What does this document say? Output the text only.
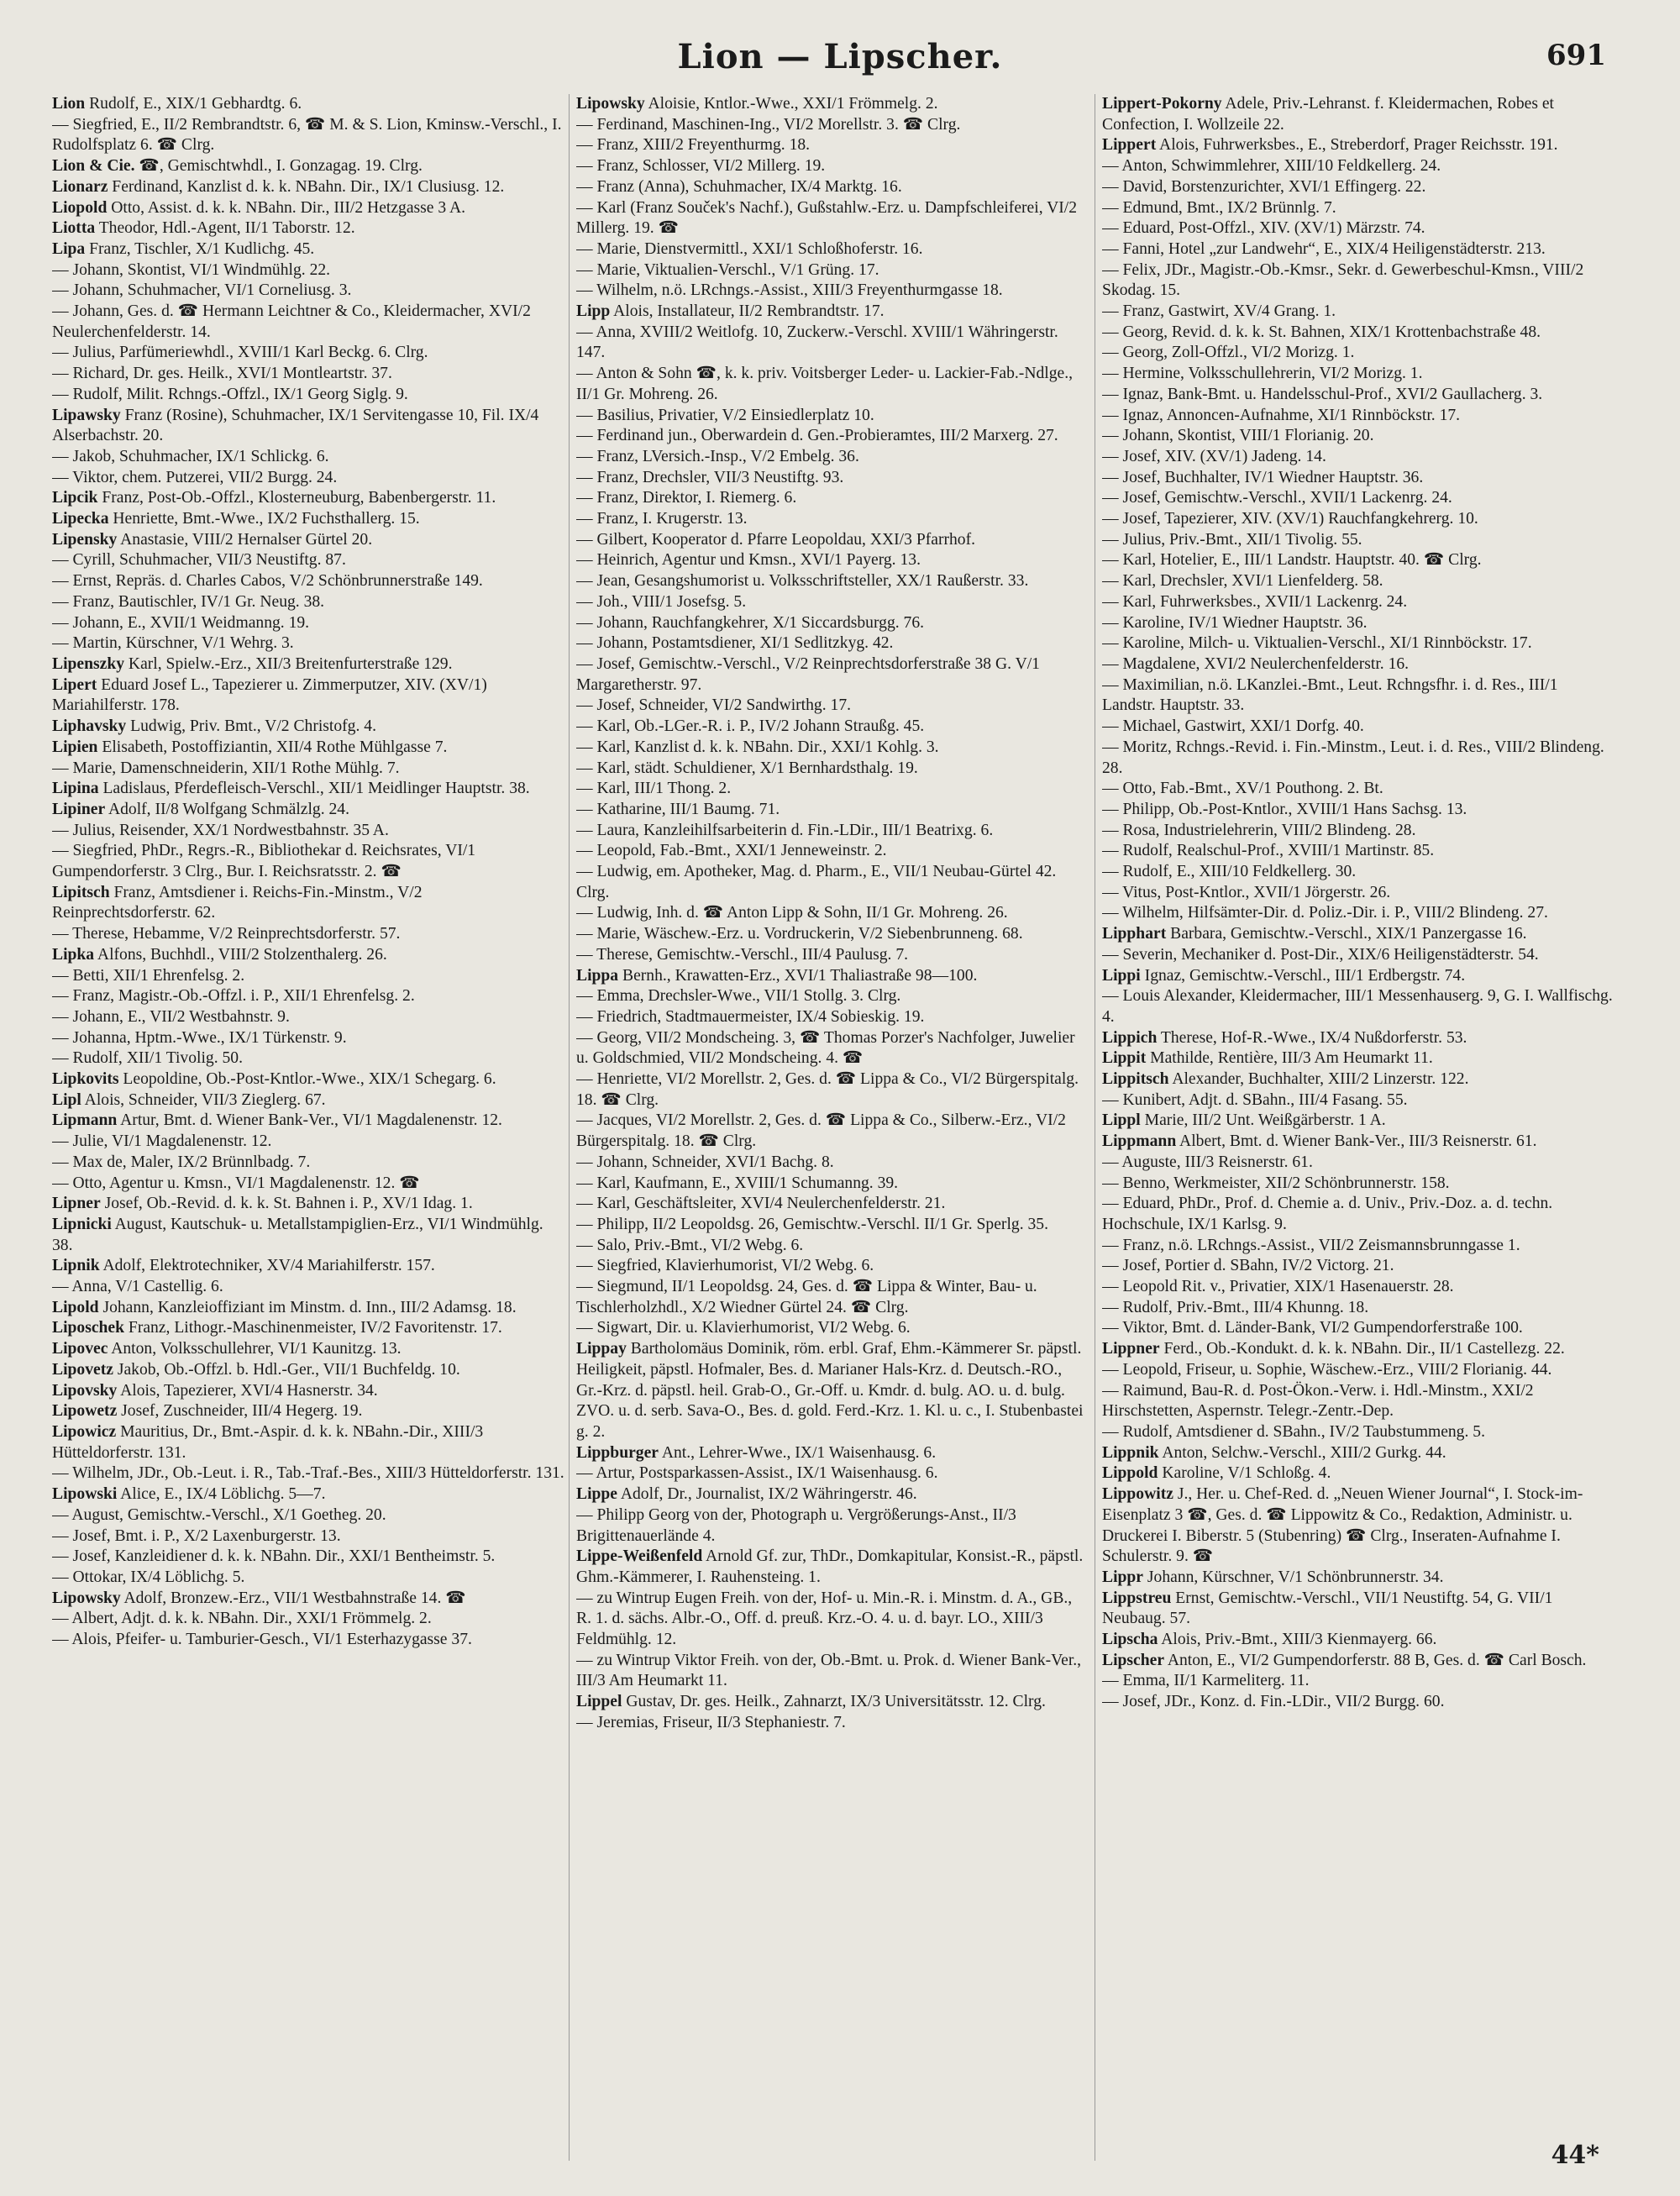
Lion — Lipscher.	691

Lion Rudolf, E., XIX/1 Gebhardtg. 6.

— Siegfried, E., II/2 Rembrandtstr. 6, ☎ M. & S. Lion, Kminsw.-Verschl., I. Rudolfsplatz 6. ☎ Clrg.

Lion & Cie. ☎, Gemischtwhdl., I. Gonzagag. 19. Clrg.

Lionarz Ferdinand, Kanzlist d. k. k. NBahn. Dir., IX/1 Clusiusg. 12.

Liopold Otto, Assist. d. k. k. NBahn. Dir., III/2 Hetzgasse 3 A.

Liotta Theodor, Hdl.-Agent, II/1 Taborstr. 12.

Lipa Franz, Tischler, X/1 Kudlichg. 45.

— Johann, Skontist, VI/1 Windmühlg. 22.

— Johann, Schuhmacher, VI/1 Corneliusg. 3.

— Johann, Ges. d. ☎ Hermann Leichtner & Co., Kleidermacher, XVI/2 Neulerchenfelderstr. 14.

— Julius, Parfümeriewhdl., XVIII/1 Karl Beckg. 6. Clrg.

— Richard, Dr. ges. Heilk., XVI/1 Montleartstr. 37.

— Rudolf, Milit. Rchngs.-Offzl., IX/1 Georg Siglg. 9.

Lipawsky Franz (Rosine), Schuhmacher, IX/1 Servitengasse 10, Fil. IX/4 Alserbachstr. 20.

— Jakob, Schuhmacher, IX/1 Schlickg. 6.

— Viktor, chem. Putzerei, VII/2 Burgg. 24.

Lipcik Franz, Post-Ob.-Offzl., Klosterneuburg, Babenbergerstr. 11.

Lipecka Henriette, Bmt.-Wwe., IX/2 Fuchsthallerg. 15.

Lipensky Anastasie, VIII/2 Hernalser Gürtel 20.

— Cyrill, Schuhmacher, VII/3 Neustiftg. 87.

— Ernst, Repräs. d. Charles Cabos, V/2 Schönbrunnerstraße 149.

— Franz, Bautischler, IV/1 Gr. Neug. 38.

— Johann, E., XVII/1 Weidmanng. 19.

— Martin, Kürschner, V/1 Wehrg. 3.

Lipenszky Karl, Spielw.-Erz., XII/3 Breitenfurterstraße 129.

Lipert Eduard Josef L., Tapezierer u. Zimmerputzer, XIV. (XV/1) Mariahilferstr. 178.

Liphavsky Ludwig, Priv. Bmt., V/2 Christofg. 4.

Lipien Elisabeth, Postoffiziantin, XII/4 Rothe Mühlgasse 7.

— Marie, Damenschneiderin, XII/1 Rothe Mühlg. 7.

Lipina Ladislaus, Pferdefleisch-Verschl., XII/1 Meidlinger Hauptstr. 38.

Lipiner Adolf, II/8 Wolfgang Schmälzlg. 24.

— Julius, Reisender, XX/1 Nordwestbahnstr. 35 A.

— Siegfried, PhDr., Regrs.-R., Bibliothekar d. Reichsrates, VI/1 Gumpendorferstr. 3 Clrg., Bur. I. Reichsratsstr. 2. ☎

Lipitsch Franz, Amtsdiener i. Reichs-Fin.-Minstm., V/2 Reinprechtsdorferstr. 62.

— Therese, Hebamme, V/2 Reinprechtsdorferstr. 57.

Lipka Alfons, Buchhdl., VIII/2 Stolzenthalerg. 26.

— Betti, XII/1 Ehrenfelsg. 2.

— Franz, Magistr.-Ob.-Offzl. i. P., XII/1 Ehrenfelsg. 2.

— Johann, E., VII/2 Westbahnstr. 9.

— Johanna, Hptm.-Wwe., IX/1 Türkenstr. 9.

— Rudolf, XII/1 Tivolig. 50.

Lipkovits Leopoldine, Ob.-Post-Kntlor.-Wwe., XIX/1 Schegarg. 6.

Lipl Alois, Schneider, VII/3 Zieglerg. 67.

Lipmann Artur, Bmt. d. Wiener Bank-Ver., VI/1 Magdalenenstr. 12.

— Julie, VI/1 Magdalenenstr. 12.

— Max de, Maler, IX/2 Brünnlbadg. 7.

— Otto, Agentur u. Kmsn., VI/1 Magdalenenstr. 12. ☎

Lipner Josef, Ob.-Revid. d. k. k. St. Bahnen i. P., XV/1 Idag. 1.

Lipnicki August, Kautschuk- u. Metallstampiglien-Erz., VI/1 Windmühlg. 38.

Lipnik Adolf, Elektrotechniker, XV/4 Mariahilferstr. 157.

— Anna, V/1 Castellig. 6.

Lipold Johann, Kanzleioffiziant im Minstm. d. Inn., III/2 Adamsg. 18.

Liposchek Franz, Lithogr.-Maschinenmeister, IV/2 Favoritenstr. 17.

Lipovec Anton, Volksschullehrer, VI/1 Kaunitzg. 13.

Lipovetz Jakob, Ob.-Offzl. b. Hdl.-Ger., VII/1 Buchfeldg. 10.

Lipovsky Alois, Tapezierer, XVI/4 Hasnerstr. 34.

Lipowetz Josef, Zuschneider, III/4 Hegerg. 19.

Lipowicz Mauritius, Dr., Bmt.-Aspir. d. k. k. NBahn.-Dir., XIII/3 Hütteldorferstr. 131.

— Wilhelm, JDr., Ob.-Leut. i. R., Tab.-Traf.-Bes., XIII/3 Hütteldorferstr. 131.

Lipowski Alice, E., IX/4 Löblichg. 5—7.

— August, Gemischtw.-Verschl., X/1 Goetheg. 20.

— Josef, Bmt. i. P., X/2 Laxenburgerstr. 13.

— Josef, Kanzleidiener d. k. k. NBahn. Dir., XXI/1 Bentheimstr. 5.

— Ottokar, IX/4 Löblichg. 5.

Lipowsky Adolf, Bronzew.-Erz., VII/1 Westbahnstraße 14. ☎

— Albert, Adjt. d. k. k. NBahn. Dir., XXI/1 Frömmelg. 2.

— Alois, Pfeifer- u. Tamburier-Gesch., VI/1 Esterhazygasse 37.

Lipowsky Aloisie, Kntlor.-Wwe., XXI/1 Frömmelg. 2.

— Ferdinand, Maschinen-Ing., VI/2 Morellstr. 3. ☎ Clrg.

— Franz, XIII/2 Freyenthurmg. 18.

— Franz, Schlosser, VI/2 Millerg. 19.

— Franz (Anna), Schuhmacher, IX/4 Marktg. 16.

— Karl (Franz Souček's Nachf.), Gußstahlw.-Erz. u. Dampfschleiferei, VI/2 Millerg. 19. ☎

— Marie, Dienstvermittl., XXI/1 Schloßhoferstr. 16.

— Marie, Viktualien-Verschl., V/1 Grüng. 17.

— Wilhelm, n.ö. LRchngs.-Assist., XIII/3 Freyenthurmgasse 18.

Lipp Alois, Installateur, II/2 Rembrandtstr. 17.

— Anna, XVIII/2 Weitlofg. 10, Zuckerw.-Verschl. XVIII/1 Währingerstr. 147.

— Anton & Sohn ☎, k. k. priv. Voitsberger Leder- u. Lackier-Fab.-Ndlge., II/1 Gr. Mohreng. 26.

— Basilius, Privatier, V/2 Einsiedlerplatz 10.

— Ferdinand jun., Oberwardein d. Gen.-Probieramtes, III/2 Marxerg. 27.

— Franz, LVersich.-Insp., V/2 Embelg. 36.

— Franz, Drechsler, VII/3 Neustiftg. 93.

— Franz, Direktor, I. Riemerg. 6.

— Franz, I. Krugerstr. 13.

— Gilbert, Kooperator d. Pfarre Leopoldau, XXI/3 Pfarrhof.

— Heinrich, Agentur und Kmsn., XVI/1 Payerg. 13.

— Jean, Gesangshumorist u. Volksschriftsteller, XX/1 Raußerstr. 33.

— Joh., VIII/1 Josefsg. 5.

— Johann, Rauchfangkehrer, X/1 Siccardsburgg. 76.

— Johann, Postamtsdiener, XI/1 Sedlitzkyg. 42.

— Josef, Gemischtw.-Verschl., V/2 Reinprechtsdorferstraße 38 G. V/1 Margaretherstr. 97.

— Josef, Schneider, VI/2 Sandwirthg. 17.

— Karl, Ob.-LGer.-R. i. P., IV/2 Johann Straußg. 45.

— Karl, Kanzlist d. k. k. NBahn. Dir., XXI/1 Kohlg. 3.

— Karl, städt. Schuldiener, X/1 Bernhardsthalg. 19.

— Karl, III/1 Thong. 2.

— Katharine, III/1 Baumg. 71.

— Laura, Kanzleihilfsarbeiterin d. Fin.-LDir., III/1 Beatrixg. 6.

— Leopold, Fab.-Bmt., XXI/1 Jenneweinstr. 2.

— Ludwig, em. Apotheker, Mag. d. Pharm., E., VII/1 Neubau-Gürtel 42. Clrg.

— Ludwig, Inh. d. ☎ Anton Lipp & Sohn, II/1 Gr. Mohreng. 26.

— Marie, Wäschew.-Erz. u. Vordruckerin, V/2 Siebenbrunneng. 68.

— Therese, Gemischtw.-Verschl., III/4 Paulusg. 7.

Lippa Bernh., Krawatten-Erz., XVI/1 Thaliastraße 98—100.

— Emma, Drechsler-Wwe., VII/1 Stollg. 3. Clrg.

— Friedrich, Stadtmauermeister, IX/4 Sobieskig. 19.

— Georg, VII/2 Mondscheing. 3, ☎ Thomas Porzer's Nachfolger, Juwelier u. Goldschmied, VII/2 Mondscheing. 4. ☎

— Henriette, VI/2 Morellstr. 2, Ges. d. ☎ Lippa & Co., VI/2 Bürgerspitalg. 18. ☎ Clrg.

— Jacques, VI/2 Morellstr. 2, Ges. d. ☎ Lippa & Co., Silberw.-Erz., VI/2 Bürgerspitalg. 18. ☎ Clrg.

— Johann, Schneider, XVI/1 Bachg. 8.

— Karl, Kaufmann, E., XVIII/1 Schumanng. 39.

— Karl, Geschäftsleiter, XVI/4 Neulerchenfelderstr. 21.

— Philipp, II/2 Leopoldsg. 26, Gemischtw.-Verschl. II/1 Gr. Sperlg. 35.

— Salo, Priv.-Bmt., VI/2 Webg. 6.

— Siegfried, Klavierhumorist, VI/2 Webg. 6.

— Siegmund, II/1 Leopoldsg. 24, Ges. d. ☎ Lippa & Winter, Bau- u. Tischlerholzhdl., X/2 Wiedner Gürtel 24. ☎ Clrg.

— Sigwart, Dir. u. Klavierhumorist, VI/2 Webg. 6.

Lippay Bartholomäus Dominik, röm. erbl. Graf, Ehm.-Kämmerer Sr. päpstl. Heiligkeit, päpstl. Hofmaler, Bes. d. Marianer Hals-Krz. d. Deutsch.-RO., Gr.-Krz. d. päpstl. heil. Grab-O., Gr.-Off. u. Kmdr. d. bulg. AO. u. d. bulg. ZVO. u. d. serb. Sava-O., Bes. d. gold. Ferd.-Krz. 1. Kl. u. c., I. Stubenbastei g. 2.

Lippburger Ant., Lehrer-Wwe., IX/1 Waisenhausg. 6.

— Artur, Postsparkassen-Assist., IX/1 Waisenhausg. 6.

Lippe Adolf, Dr., Journalist, IX/2 Währingerstr. 46.

— Philipp Georg von der, Photograph u. Vergrößerungs-Anst., II/3 Brigittenauerlände 4.

Lippe-Weißenfeld Arnold Gf. zur, ThDr., Domkapitular, Konsist.-R., päpstl. Ghm.-Kämmerer, I. Rauhensteing. 1.

— zu Wintrup Eugen Freih. von der, Hof- u. Min.-R. i. Minstm. d. A., GB., R. 1. d. sächs. Albr.-O., Off. d. preuß. Krz.-O. 4. u. d. bayr. LO., XIII/3 Feldmühlg. 12.

— zu Wintrup Viktor Freih. von der, Ob.-Bmt. u. Prok. d. Wiener Bank-Ver., III/3 Am Heumarkt 11.

Lippel Gustav, Dr. ges. Heilk., Zahnarzt, IX/3 Universitätsstr. 12. Clrg.

— Jeremias, Friseur, II/3 Stephaniestr. 7.

Lippert-Pokorny Adele, Priv.-Lehranst. f. Kleidermachen, Robes et Confection, I. Wollzeile 22.

Lippert Alois, Fuhrwerksbes., E., Streberdorf, Prager Reichsstr. 191.

— Anton, Schwimmlehrer, XIII/10 Feldkellerg. 24.

— David, Borstenzurichter, XVI/1 Effingerg. 22.

— Edmund, Bmt., IX/2 Brünnlg. 7.

— Eduard, Post-Offzl., XIV. (XV/1) Märzstr. 74.

— Fanni, Hotel „zur Landwehr“, E., XIX/4 Heiligenstädterstr. 213.

— Felix, JDr., Magistr.-Ob.-Kmsr., Sekr. d. Gewerbeschul-Kmsn., VIII/2 Skodag. 15.

— Franz, Gastwirt, XV/4 Grang. 1.

— Georg, Revid. d. k. k. St. Bahnen, XIX/1 Krottenbachstraße 48.

— Georg, Zoll-Offzl., VI/2 Morizg. 1.

— Hermine, Volksschullehrerin, VI/2 Morizg. 1.

— Ignaz, Bank-Bmt. u. Handelsschul-Prof., XVI/2 Gaullacherg. 3.

— Ignaz, Annoncen-Aufnahme, XI/1 Rinnböckstr. 17.

— Johann, Skontist, VIII/1 Florianig. 20.

— Josef, XIV. (XV/1) Jadeng. 14.

— Josef, Buchhalter, IV/1 Wiedner Hauptstr. 36.

— Josef, Gemischtw.-Verschl., XVII/1 Lackenrg. 24.

— Josef, Tapezierer, XIV. (XV/1) Rauchfangkehrerg. 10.

— Julius, Priv.-Bmt., XII/1 Tivolig. 55.

— Karl, Hotelier, E., III/1 Landstr. Hauptstr. 40. ☎ Clrg.

— Karl, Drechsler, XVI/1 Lienfelderg. 58.

— Karl, Fuhrwerksbes., XVII/1 Lackenrg. 24.

— Karoline, IV/1 Wiedner Hauptstr. 36.

— Karoline, Milch- u. Viktualien-Verschl., XI/1 Rinnböckstr. 17.

— Magdalene, XVI/2 Neulerchenfelderstr. 16.

— Maximilian, n.ö. LKanzlei.-Bmt., Leut. Rchngsfhr. i. d. Res., III/1 Landstr. Hauptstr. 33.

— Michael, Gastwirt, XXI/1 Dorfg. 40.

— Moritz, Rchngs.-Revid. i. Fin.-Minstm., Leut. i. d. Res., VIII/2 Blindeng. 28.

— Otto, Fab.-Bmt., XV/1 Pouthong. 2. Bt.

— Philipp, Ob.-Post-Kntlor., XVIII/1 Hans Sachsg. 13.

— Rosa, Industrielehrerin, VIII/2 Blindeng. 28.

— Rudolf, Realschul-Prof., XVIII/1 Martinstr. 85.

— Rudolf, E., XIII/10 Feldkellerg. 30.

— Vitus, Post-Kntlor., XVII/1 Jörgerstr. 26.

— Wilhelm, Hilfsämter-Dir. d. Poliz.-Dir. i. P., VIII/2 Blindeng. 27.

Lipphart Barbara, Gemischtw.-Verschl., XIX/1 Panzergasse 16.

— Severin, Mechaniker d. Post-Dir., XIX/6 Heiligenstädterstr. 54.

Lippi Ignaz, Gemischtw.-Verschl., III/1 Erdbergstr. 74.

— Louis Alexander, Kleidermacher, III/1 Messenhauserg. 9, G. I. Wallfischg. 4.

Lippich Therese, Hof-R.-Wwe., IX/4 Nußdorferstr. 53.

Lippit Mathilde, Rentière, III/3 Am Heumarkt 11.

Lippitsch Alexander, Buchhalter, XIII/2 Linzerstr. 122.

— Kunibert, Adjt. d. SBahn., III/4 Fasang. 55.

Lippl Marie, III/2 Unt. Weißgärberstr. 1 A.

Lippmann Albert, Bmt. d. Wiener Bank-Ver., III/3 Reisnerstr. 61.

— Auguste, III/3 Reisnerstr. 61.

— Benno, Werkmeister, XII/2 Schönbrunnerstr. 158.

— Eduard, PhDr., Prof. d. Chemie a. d. Univ., Priv.-Doz. a. d. techn. Hochschule, IX/1 Karlsg. 9.

— Franz, n.ö. LRchngs.-Assist., VII/2 Zeismannsbrunngasse 1.

— Josef, Portier d. SBahn, IV/2 Victorg. 21.

— Leopold Rit. v., Privatier, XIX/1 Hasenauerstr. 28.

— Rudolf, Priv.-Bmt., III/4 Khunng. 18.

— Viktor, Bmt. d. Länder-Bank, VI/2 Gumpendorferstraße 100.

Lippner Ferd., Ob.-Kondukt. d. k. k. NBahn. Dir., II/1 Castellezg. 22.

— Leopold, Friseur, u. Sophie, Wäschew.-Erz., VIII/2 Florianig. 44.

— Raimund, Bau-R. d. Post-Ökon.-Verw. i. Hdl.-Minstm., XXI/2 Hirschstetten, Aspernstr. Telegr.-Zentr.-Dep.

— Rudolf, Amtsdiener d. SBahn., IV/2 Taubstummeng. 5.

Lippnik Anton, Selchw.-Verschl., XIII/2 Gurkg. 44.

Lippold Karoline, V/1 Schloßg. 4.

Lippowitz J., Her. u. Chef-Red. d. „Neuen Wiener Journal“, I. Stock-im-Eisenplatz 3 ☎, Ges. d. ☎ Lippowitz & Co., Redaktion, Administr. u. Druckerei I. Biberstr. 5 (Stubenring) ☎ Clrg., Inseraten-Aufnahme I. Schulerstr. 9. ☎

Lippr Johann, Kürschner, V/1 Schönbrunnerstr. 34.

Lippstreu Ernst, Gemischtw.-Verschl., VII/1 Neustiftg. 54, G. VII/1 Neubaug. 57.

Lipscha Alois, Priv.-Bmt., XIII/3 Kienmayerg. 66.

Lipscher Anton, E., VI/2 Gumpendorferstr. 88 B, Ges. d. ☎ Carl Bosch.

— Emma, II/1 Karmeliterg. 11.

— Josef, JDr., Konz. d. Fin.-LDir., VII/2 Burgg. 60.

44*
